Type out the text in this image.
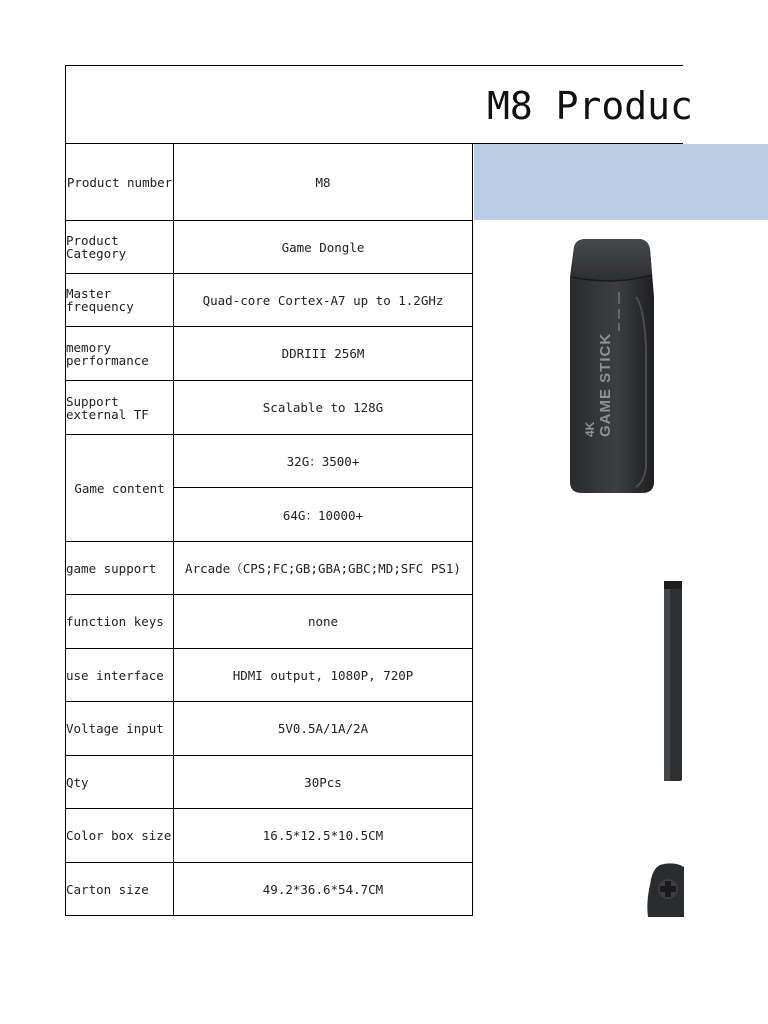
M8 Produc
Product number	M8
Product Category	Game Dongle
Master frequency	Quad-core Cortex-A7 up to 1.2GHz
memory performance	DDRIII 256M
Support external TF	Scalable to 128G
Game content	32G：3500+
	64G：10000+
game support	Arcade（CPS;FC;GB;GBA;GBC;MD;SFC PS1)
function keys	none
use interface	HDMI output, 1080P, 720P
Voltage input	5V0.5A/1A/2A
Qty	30Pcs
Color box size	16.5*12.5*10.5CM
Carton size	49.2*36.6*54.7CM
GAME STICK
4K
